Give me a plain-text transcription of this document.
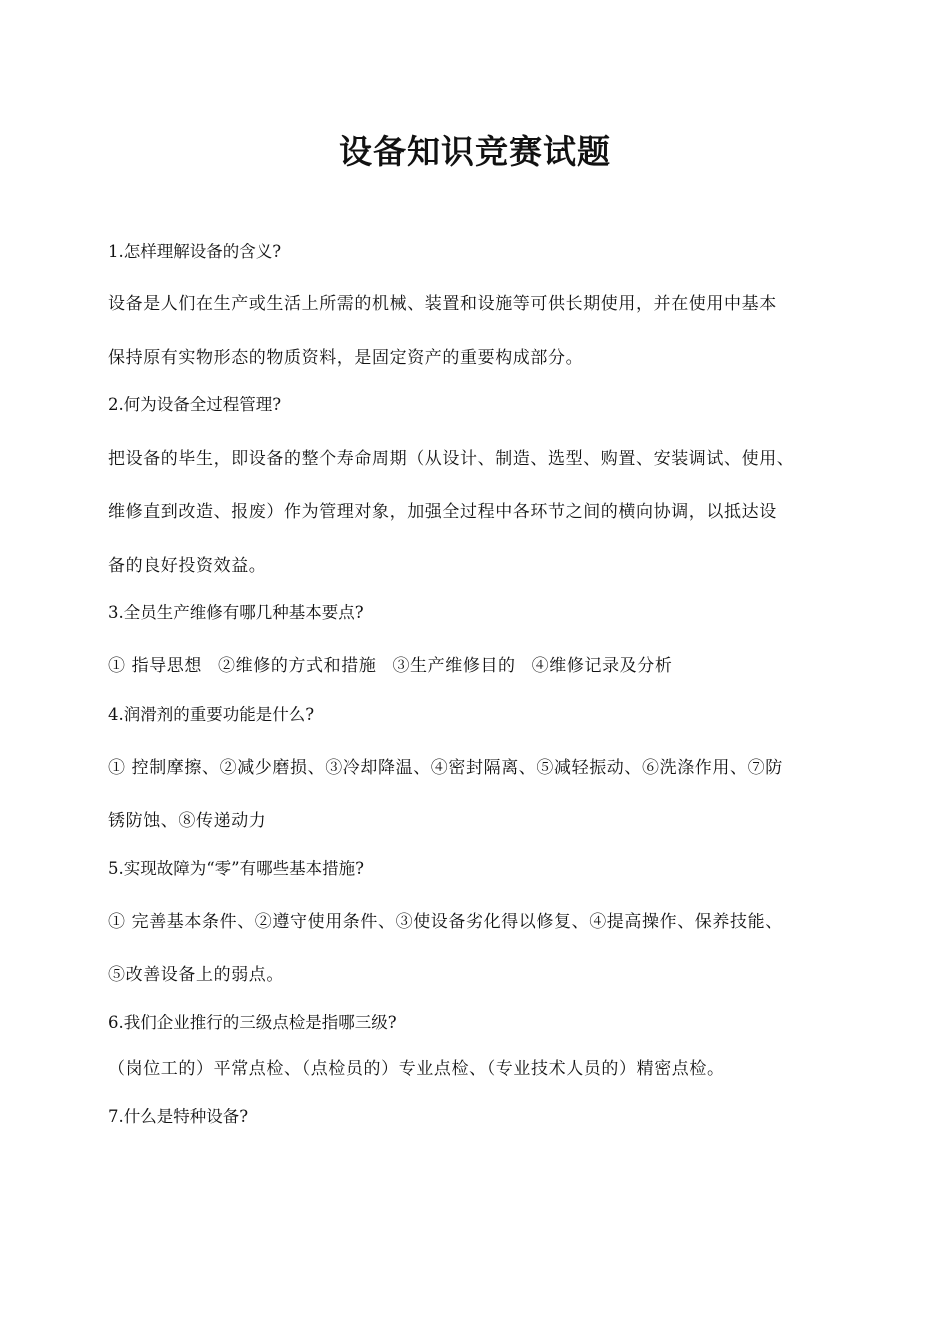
设备知识竞赛试题
1.怎样理解设备的含义?
设备是人们在生产或生活上所需的机械、装置和设施等可供长期使用，并在使用中基本
保持原有实物形态的物质资料，是固定资产的重要构成部分。
2.何为设备全过程管理?
把设备的毕生，即设备的整个寿命周期（从设计、制造、选型、购置、安装调试、使用、
维修直到改造、报废）作为管理对象，加强全过程中各环节之间的横向协调，以抵达设
备的良好投资效益。
3.全员生产维修有哪几种基本要点?
① 指导思想 ②维修的方式和措施 ③生产维修目的 ④维修记录及分析
4.润滑剂的重要功能是什么?
① 控制摩擦、②减少磨损、③冷却降温、④密封隔离、⑤减轻振动、⑥洗涤作用、⑦防
锈防蚀、⑧传递动力
5.实现故障为“零”有哪些基本措施?
① 完善基本条件、②遵守使用条件、③使设备劣化得以修复、④提高操作、保养技能、
⑤改善设备上的弱点。
6.我们企业推行的三级点检是指哪三级?
（岗位工的）平常点检、（点检员的）专业点检、（专业技术人员的）精密点检。
7.什么是特种设备?
